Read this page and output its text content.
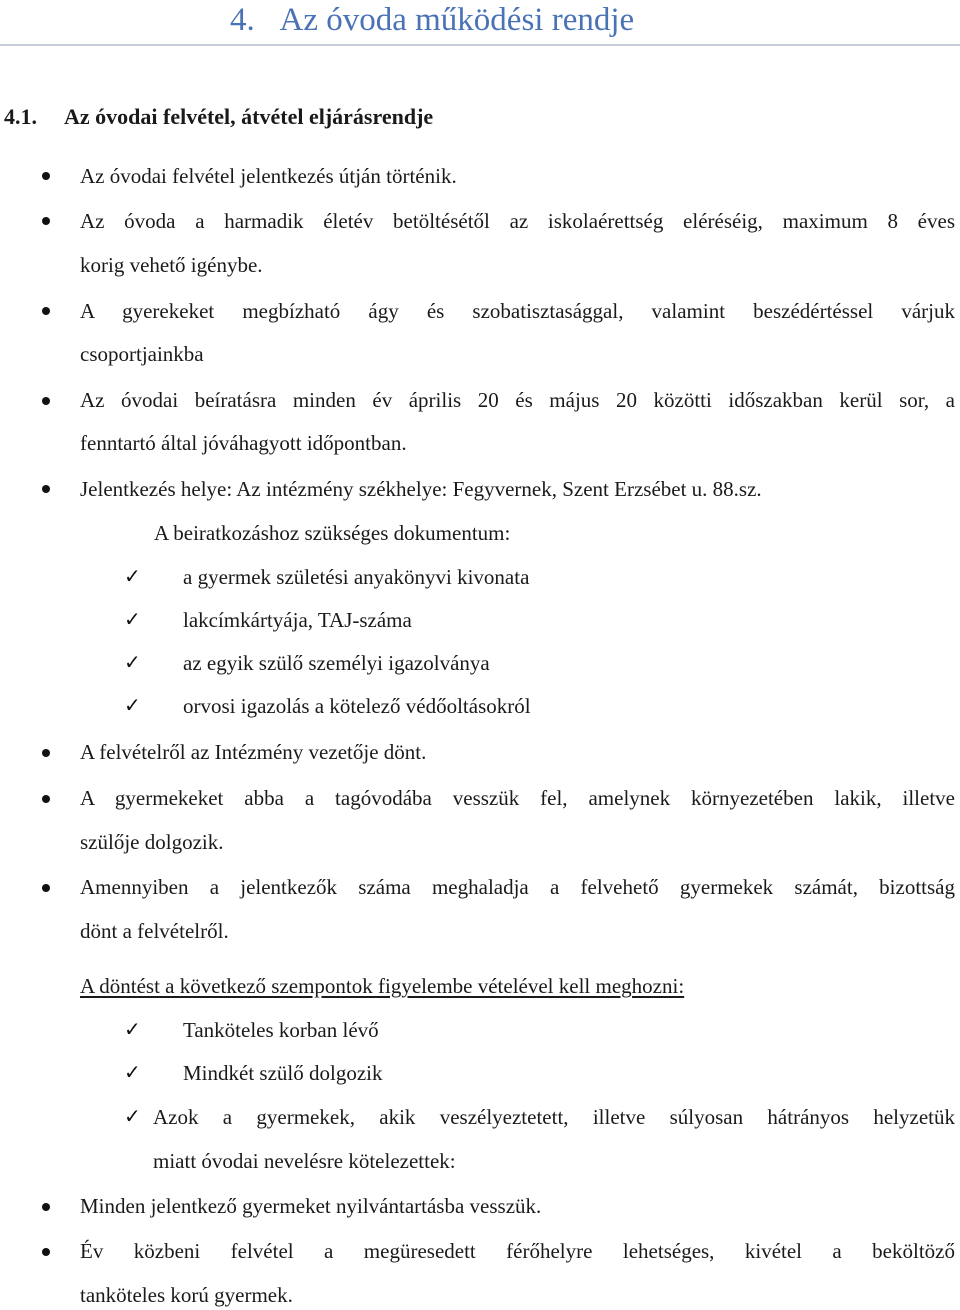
4. Az óvoda működési rendje
4.1. Az óvodai felvétel, átvétel eljárásrendje
Az óvodai felvétel jelentkezés útján történik.
Az óvoda a harmadik életév betöltésétől az iskolaérettség eléréséig, maximum 8 éves
korig vehető igénybe.
A gyerekeket megbízható ágy és szobatisztasággal, valamint beszédértéssel várjuk
csoportjainkba
Az óvodai beíratásra minden év április 20 és május 20 közötti időszakban kerül sor, a
fenntartó által jóváhagyott időpontban.
Jelentkezés helye: Az intézmény székhelye: Fegyvernek, Szent Erzsébet u. 88.sz.
A beiratkozáshoz szükséges dokumentum:
✓ a gyermek születési anyakönyvi kivonata
✓ lakcímkártyája, TAJ-száma
✓ az egyik szülő személyi igazolványa
✓ orvosi igazolás a kötelező védőoltásokról
A felvételről az Intézmény vezetője dönt.
A gyermekeket abba a tagóvodába vesszük fel, amelynek környezetében lakik, illetve
szülője dolgozik.
Amennyiben a jelentkezők száma meghaladja a felvehető gyermekek számát, bizottság
dönt a felvételről.
A döntést a következő szempontok figyelembe vételével kell meghozni:
✓ Tanköteles korban lévő
✓ Mindkét szülő dolgozik
✓ Azok a gyermekek, akik veszélyeztetett, illetve súlyosan hátrányos helyzetük
miatt óvodai nevelésre kötelezettek:
Minden jelentkező gyermeket nyilvántartásba vesszük.
Év közbeni felvétel a megüresedett férőhelyre lehetséges, kivétel a beköltöző
tanköteles korú gyermek.
